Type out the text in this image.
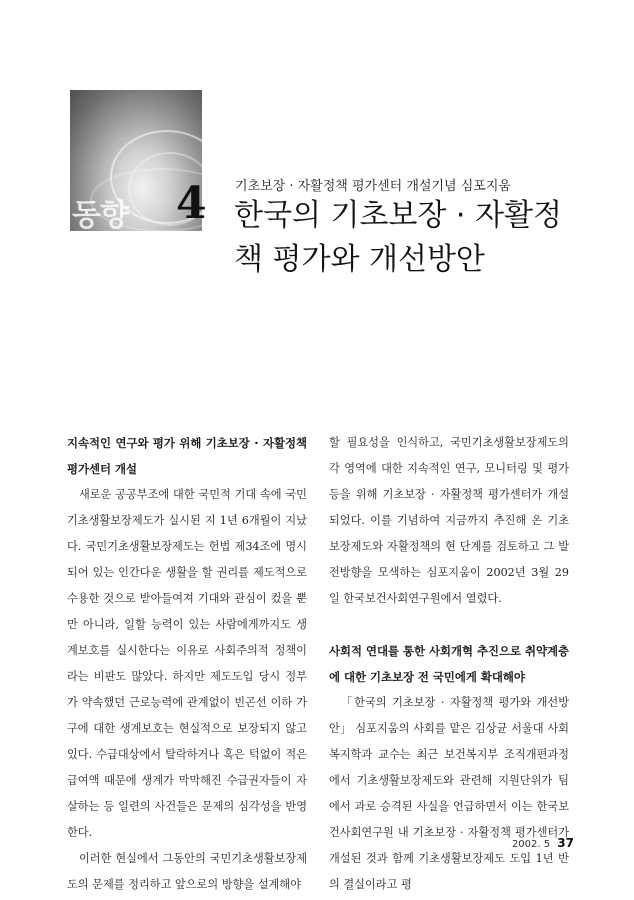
동향 4 기초보장 · 자활정책 평가센터 개설기념 심포지움
한국의 기초보장 · 자활정책 평가와 개선방안
지속적인 연구와 평가 위해 기초보장 · 자활정책평가센터 개설

새로운 공공부조에 대한 국민적 기대 속에 국민기초생활보장제도가 실시된 지 1년 6개월이 지났다. 국민기초생활보장제도는 헌법 제34조에 명시되어 있는 인간다운 생활을 할 권리를 제도적으로 수용한 것으로 받아들여져 기대와 관심이 컸을 뿐만 아니라, 일할 능력이 있는 사람에게까지도 생계보호를 실시한다는 이유로 사회주의적 정책이라는 비판도 많았다. 하지만 제도도입 당시 정부가 약속했던 근로능력에 관계없이 빈곤선 이하 가구에 대한 생계보호는 현실적으로 보장되지 않고 있다. 수급대상에서 탈락하거나 혹은 턱없이 적은 급여액 때문에 생계가 막막해진 수급권자들이 자살하는 등 일련의 사건들은 문제의 심각성을 반영한다.

이러한 현실에서 그동안의 국민기초생활보장제도의 문제를 정리하고 앞으로의 방향을 설계해야

할 필요성을 인식하고, 국민기초생활보장제도의 각 영역에 대한 지속적인 연구, 모니터링 및 평가 등을 위해 기초보장 · 자활정책 평가센터가 개설되었다. 이를 기념하여 지금까지 추진해 온 기초보장제도와 자활정책의 현 단계를 검토하고 그 발전방향을 모색하는 심포지움이 2002년 3월 29일 한국보건사회연구원에서 열렸다.

사회적 연대를 통한 사회개혁 추진으로 취약계층에 대한 기초보장 전 국민에게 확대해야

「한국의 기초보장 · 자활정책 평가와 개선방안」 심포지움의 사회를 맡은 김상균 서울대 사회복지학과 교수는 최근 보건복지부 조직개편과정에서 기초생활보장제도와 관련해 지원단위가 팀에서 과로 승격된 사실을 언급하면서 이는 한국보건사회연구원 내 기초보장 · 자활정책 평가센터가 개설된 것과 함께 기초생활보장제도 도입 1년 반의 결실이라고 평

2002. 5 37
